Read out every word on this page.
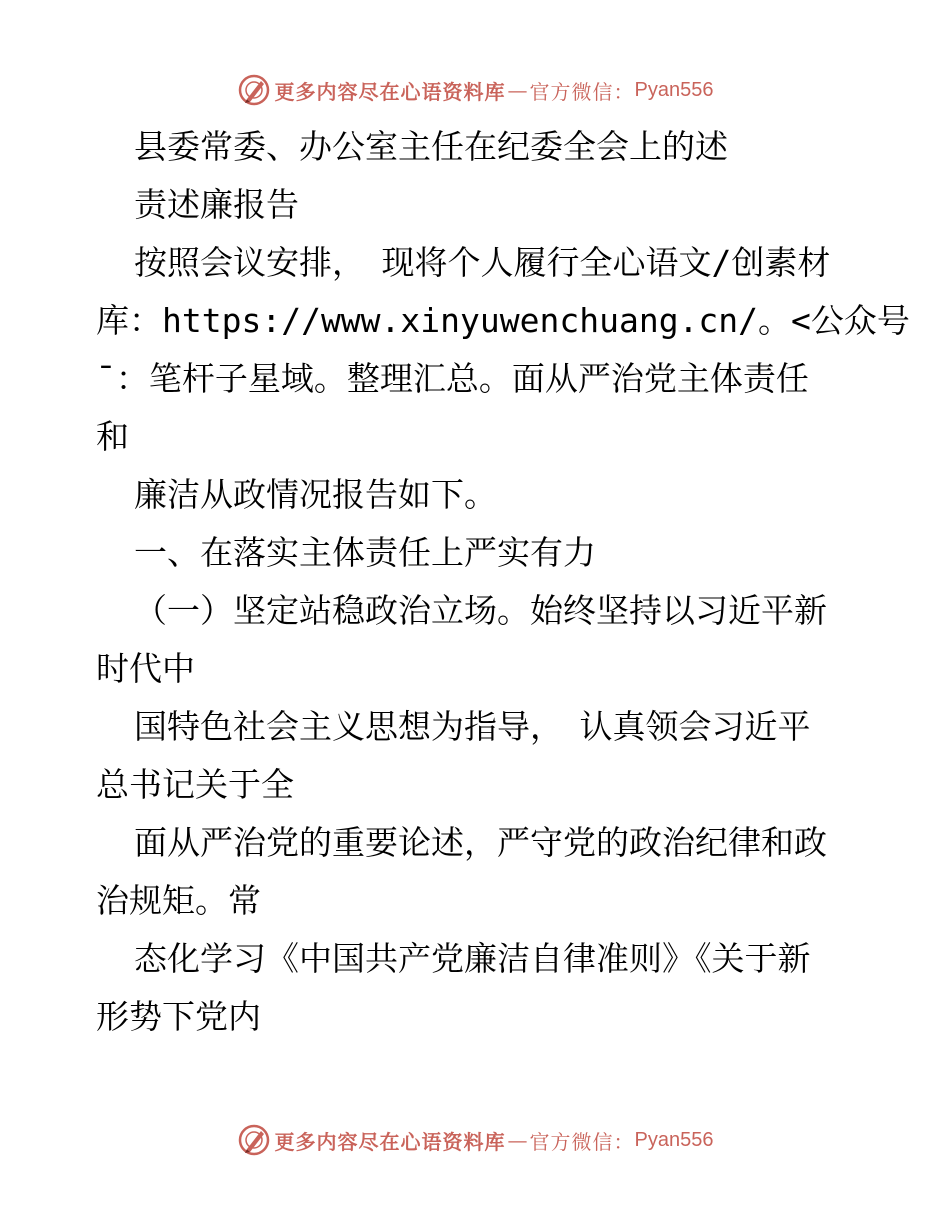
更多内容尽在心语资料库 — 官方微信： Pyan556
县委常委、办公室主任在纪委全会上的述
责述廉报告
按照会议安排，　现将个人履行全心语文/创素材
库：https://www.xinyuwenchuang.cn/。<公众号
¯：笔杆子星域。整理汇总。面从严治党主体责任
和
廉洁从政情况报告如下。
一、在落实主体责任上严实有力
（一）坚定站稳政治立场。始终坚持以习近平新
时代中
国特色社会主义思想为指导，　认真领会习近平
总书记关于全
面从严治党的重要论述，严守党的政治纪律和政
治规矩。常
态化学习《中国共产党廉洁自律准则》《关于新
形势下党内
更多内容尽在心语资料库 — 官方微信： Pyan556
